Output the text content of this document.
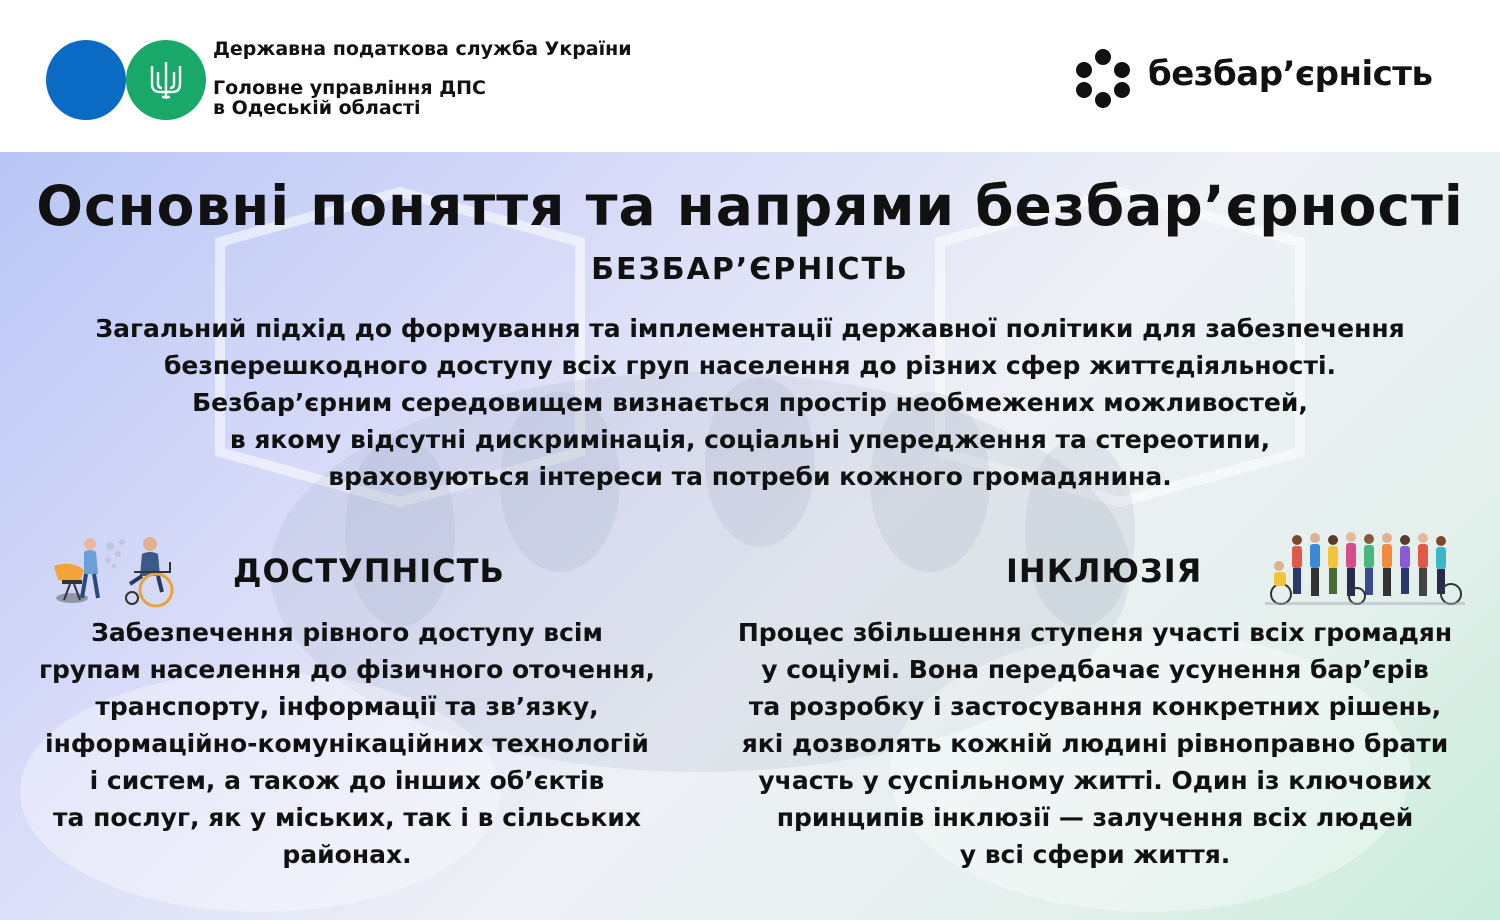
Державна податкова служба України
Головне управління ДПС
в Одеській області
безбар’єрність
Основні поняття та напрями безбар’єрності
БЕЗБАР’ЄРНІСТЬ
Загальний підхід до формування та імплементації державної політики для забезпечення
безперешкодного доступу всіх груп населення до різних сфер життєдіяльності.
Безбар’єрним середовищем визнається простір необмежених можливостей,
в якому відсутні дискримінація, соціальні упередження та стереотипи,
враховуються інтереси та потреби кожного громадянина.
ДОСТУПНІСТЬ	ІНКЛЮЗІЯ
Забезпечення рівного доступу всім
групам населення до фізичного оточення,
транспорту, інформації та зв’язку,
інформаційно-комунікаційних технологій
і систем, а також до інших об’єктів
та послуг, як у міських, так і в сільських
районах.
Процес збільшення ступеня участі всіх громадян
у соціумі. Вона передбачає усунення бар’єрів
та розробку і застосування конкретних рішень,
які дозволять кожній людині рівноправно брати
участь у суспільному житті. Один із ключових
принципів інклюзії — залучення всіх людей
у всі сфери життя.
